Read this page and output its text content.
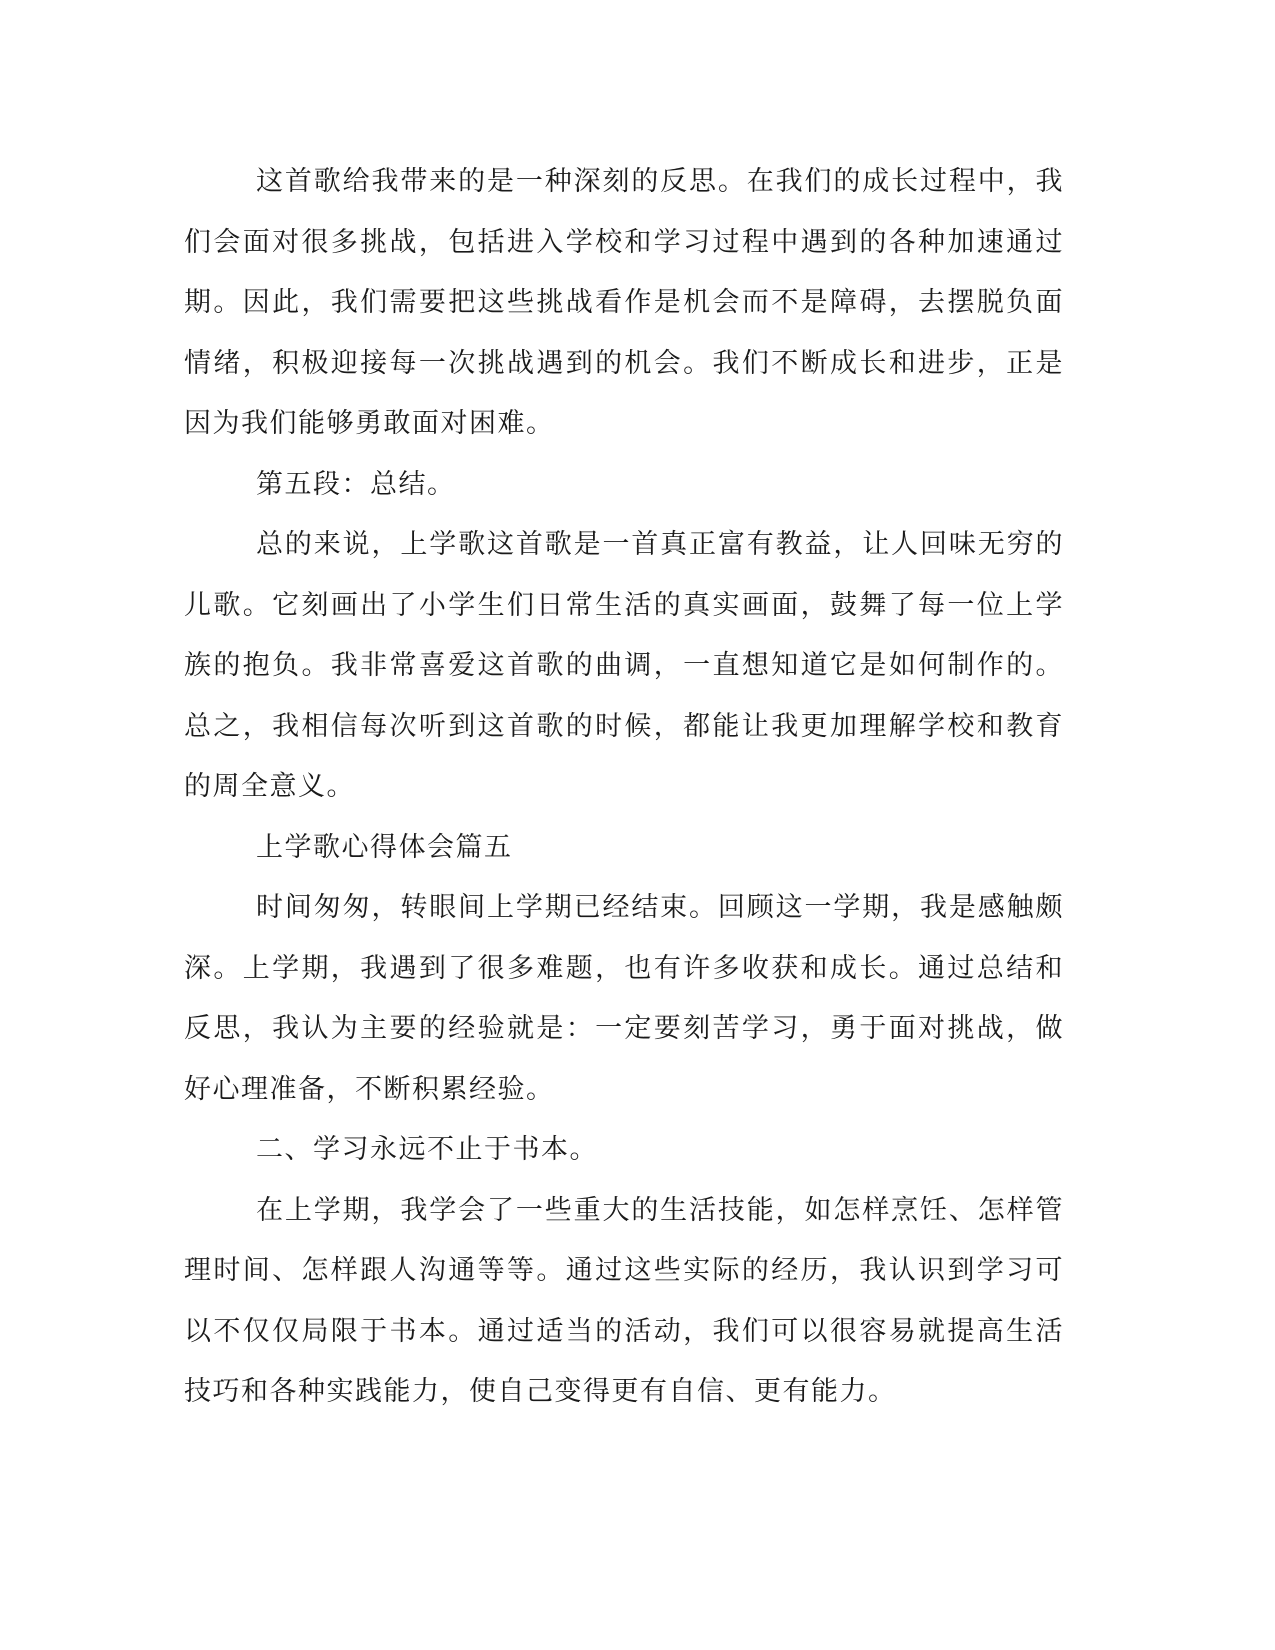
这首歌给我带来的是一种深刻的反思。在我们的成长过程中，我们会面对很多挑战，包括进入学校和学习过程中遇到的各种加速通过期。因此，我们需要把这些挑战看作是机会而不是障碍，去摆脱负面情绪，积极迎接每一次挑战遇到的机会。我们不断成长和进步，正是因为我们能够勇敢面对困难。

第五段：总结。

总的来说，上学歌这首歌是一首真正富有教益，让人回味无穷的儿歌。它刻画出了小学生们日常生活的真实画面，鼓舞了每一位上学族的抱负。我非常喜爱这首歌的曲调，一直想知道它是如何制作的。总之，我相信每次听到这首歌的时候，都能让我更加理解学校和教育的周全意义。

上学歌心得体会篇五

时间匆匆，转眼间上学期已经结束。回顾这一学期，我是感触颇深。上学期，我遇到了很多难题，也有许多收获和成长。通过总结和反思，我认为主要的经验就是：一定要刻苦学习，勇于面对挑战，做好心理准备，不断积累经验。

二、学习永远不止于书本。

在上学期，我学会了一些重大的生活技能，如怎样烹饪、怎样管理时间、怎样跟人沟通等等。通过这些实际的经历，我认识到学习可以不仅仅局限于书本。通过适当的活动，我们可以很容易就提高生活技巧和各种实践能力，使自己变得更有自信、更有能力。
